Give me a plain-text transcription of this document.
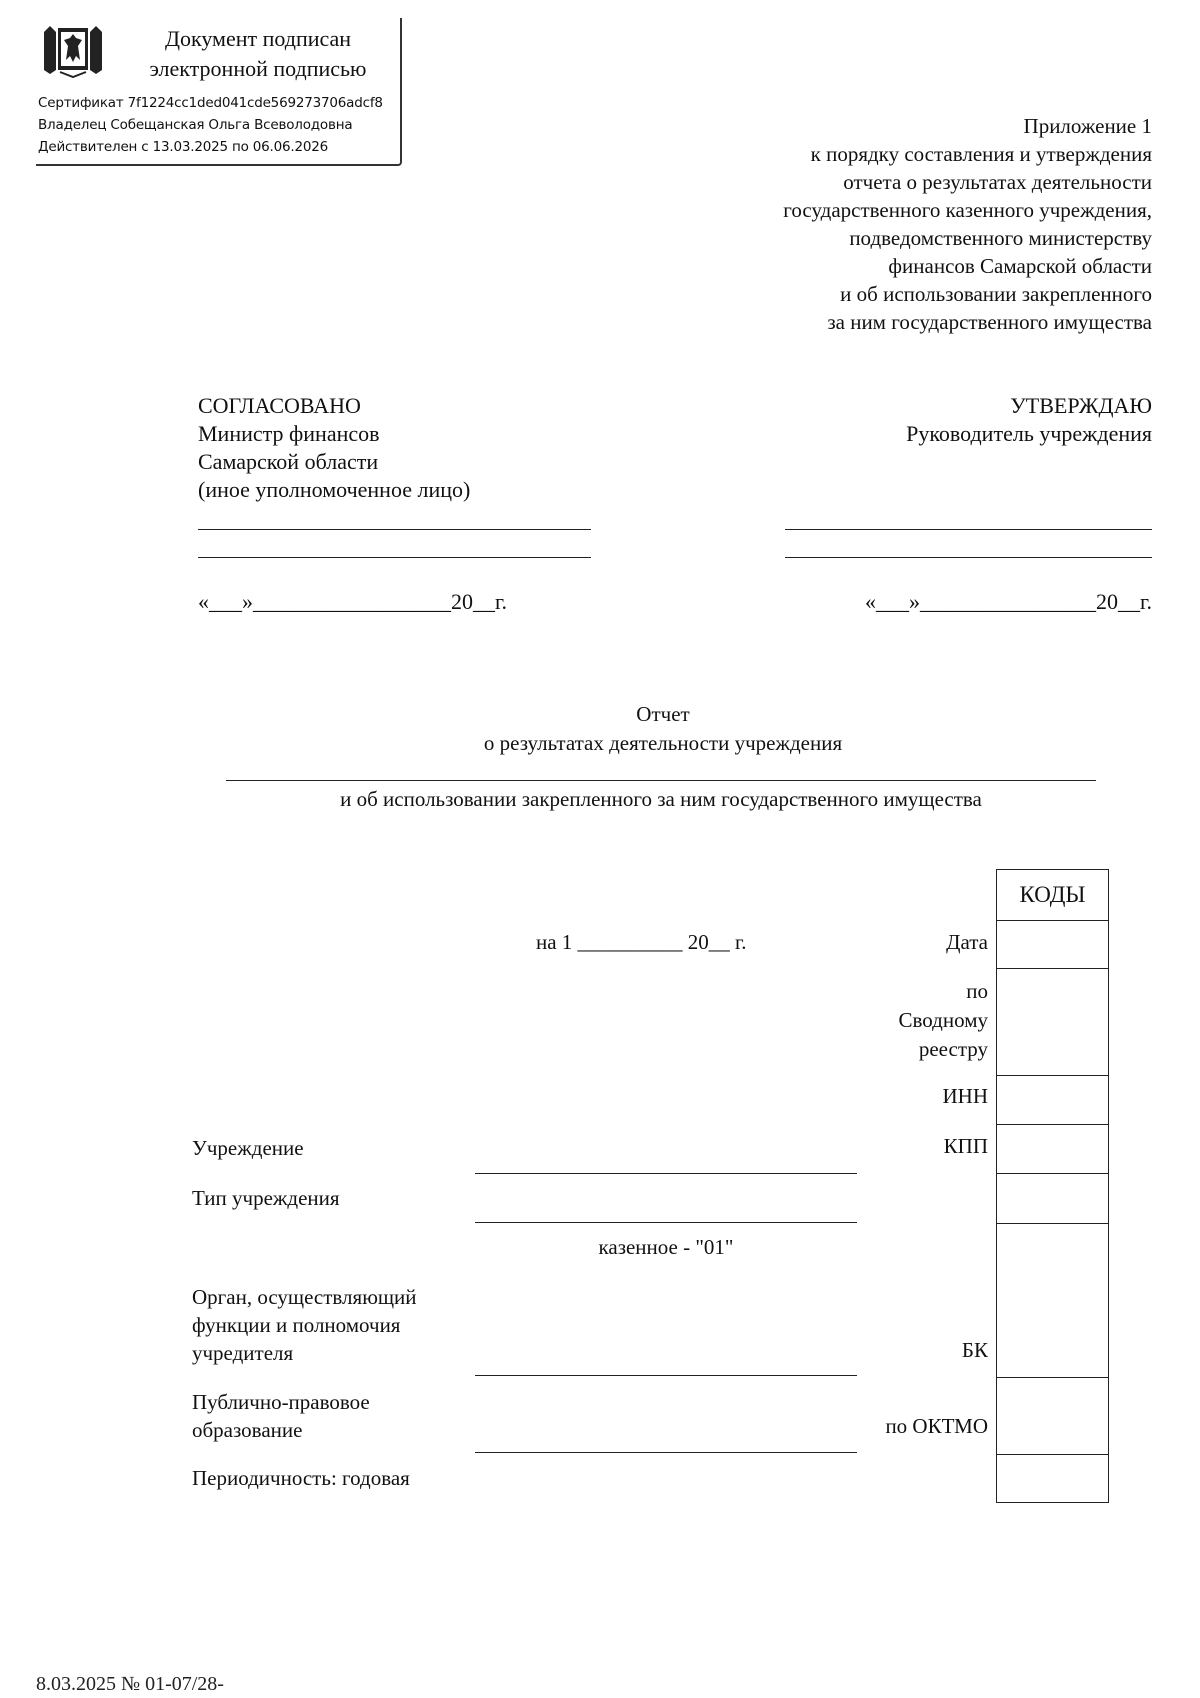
Документ подписан
электронной подписью
Сертификат 7f1224cc1ded041cde569273706adcf8
Владелец Собещанская Ольга Всеволодовна
Действителен с 13.03.2025 по 06.06.2026
Приложение 1
к порядку составления и утверждения
отчета о результатах деятельности
государственного казенного учреждения,
подведомственного министерству
финансов Самарской области
и об использовании закрепленного
за ним государственного имущества
СОГЛАСОВАНО
Министр финансов
Самарской области
(иное уполномоченное лицо)
«___»__________________20__г.
УТВЕРЖДАЮ
Руководитель учреждения
«___»________________20__г.
Отчет
о результатах деятельности учреждения
и об использовании закрепленного за ним государственного имущества
на 1 __________ 20__ г.	Дата
по
Сводному
реестру
ИНН
КПП
БК
по ОКТМО
КОДЫ
Учреждение
Тип учреждения
казенное - "01"
Орган, осуществляющий
функции и полномочия
учредителя
Публично-правовое
образование
Периодичность: годовая
8.03.2025 № 01-07/28-
